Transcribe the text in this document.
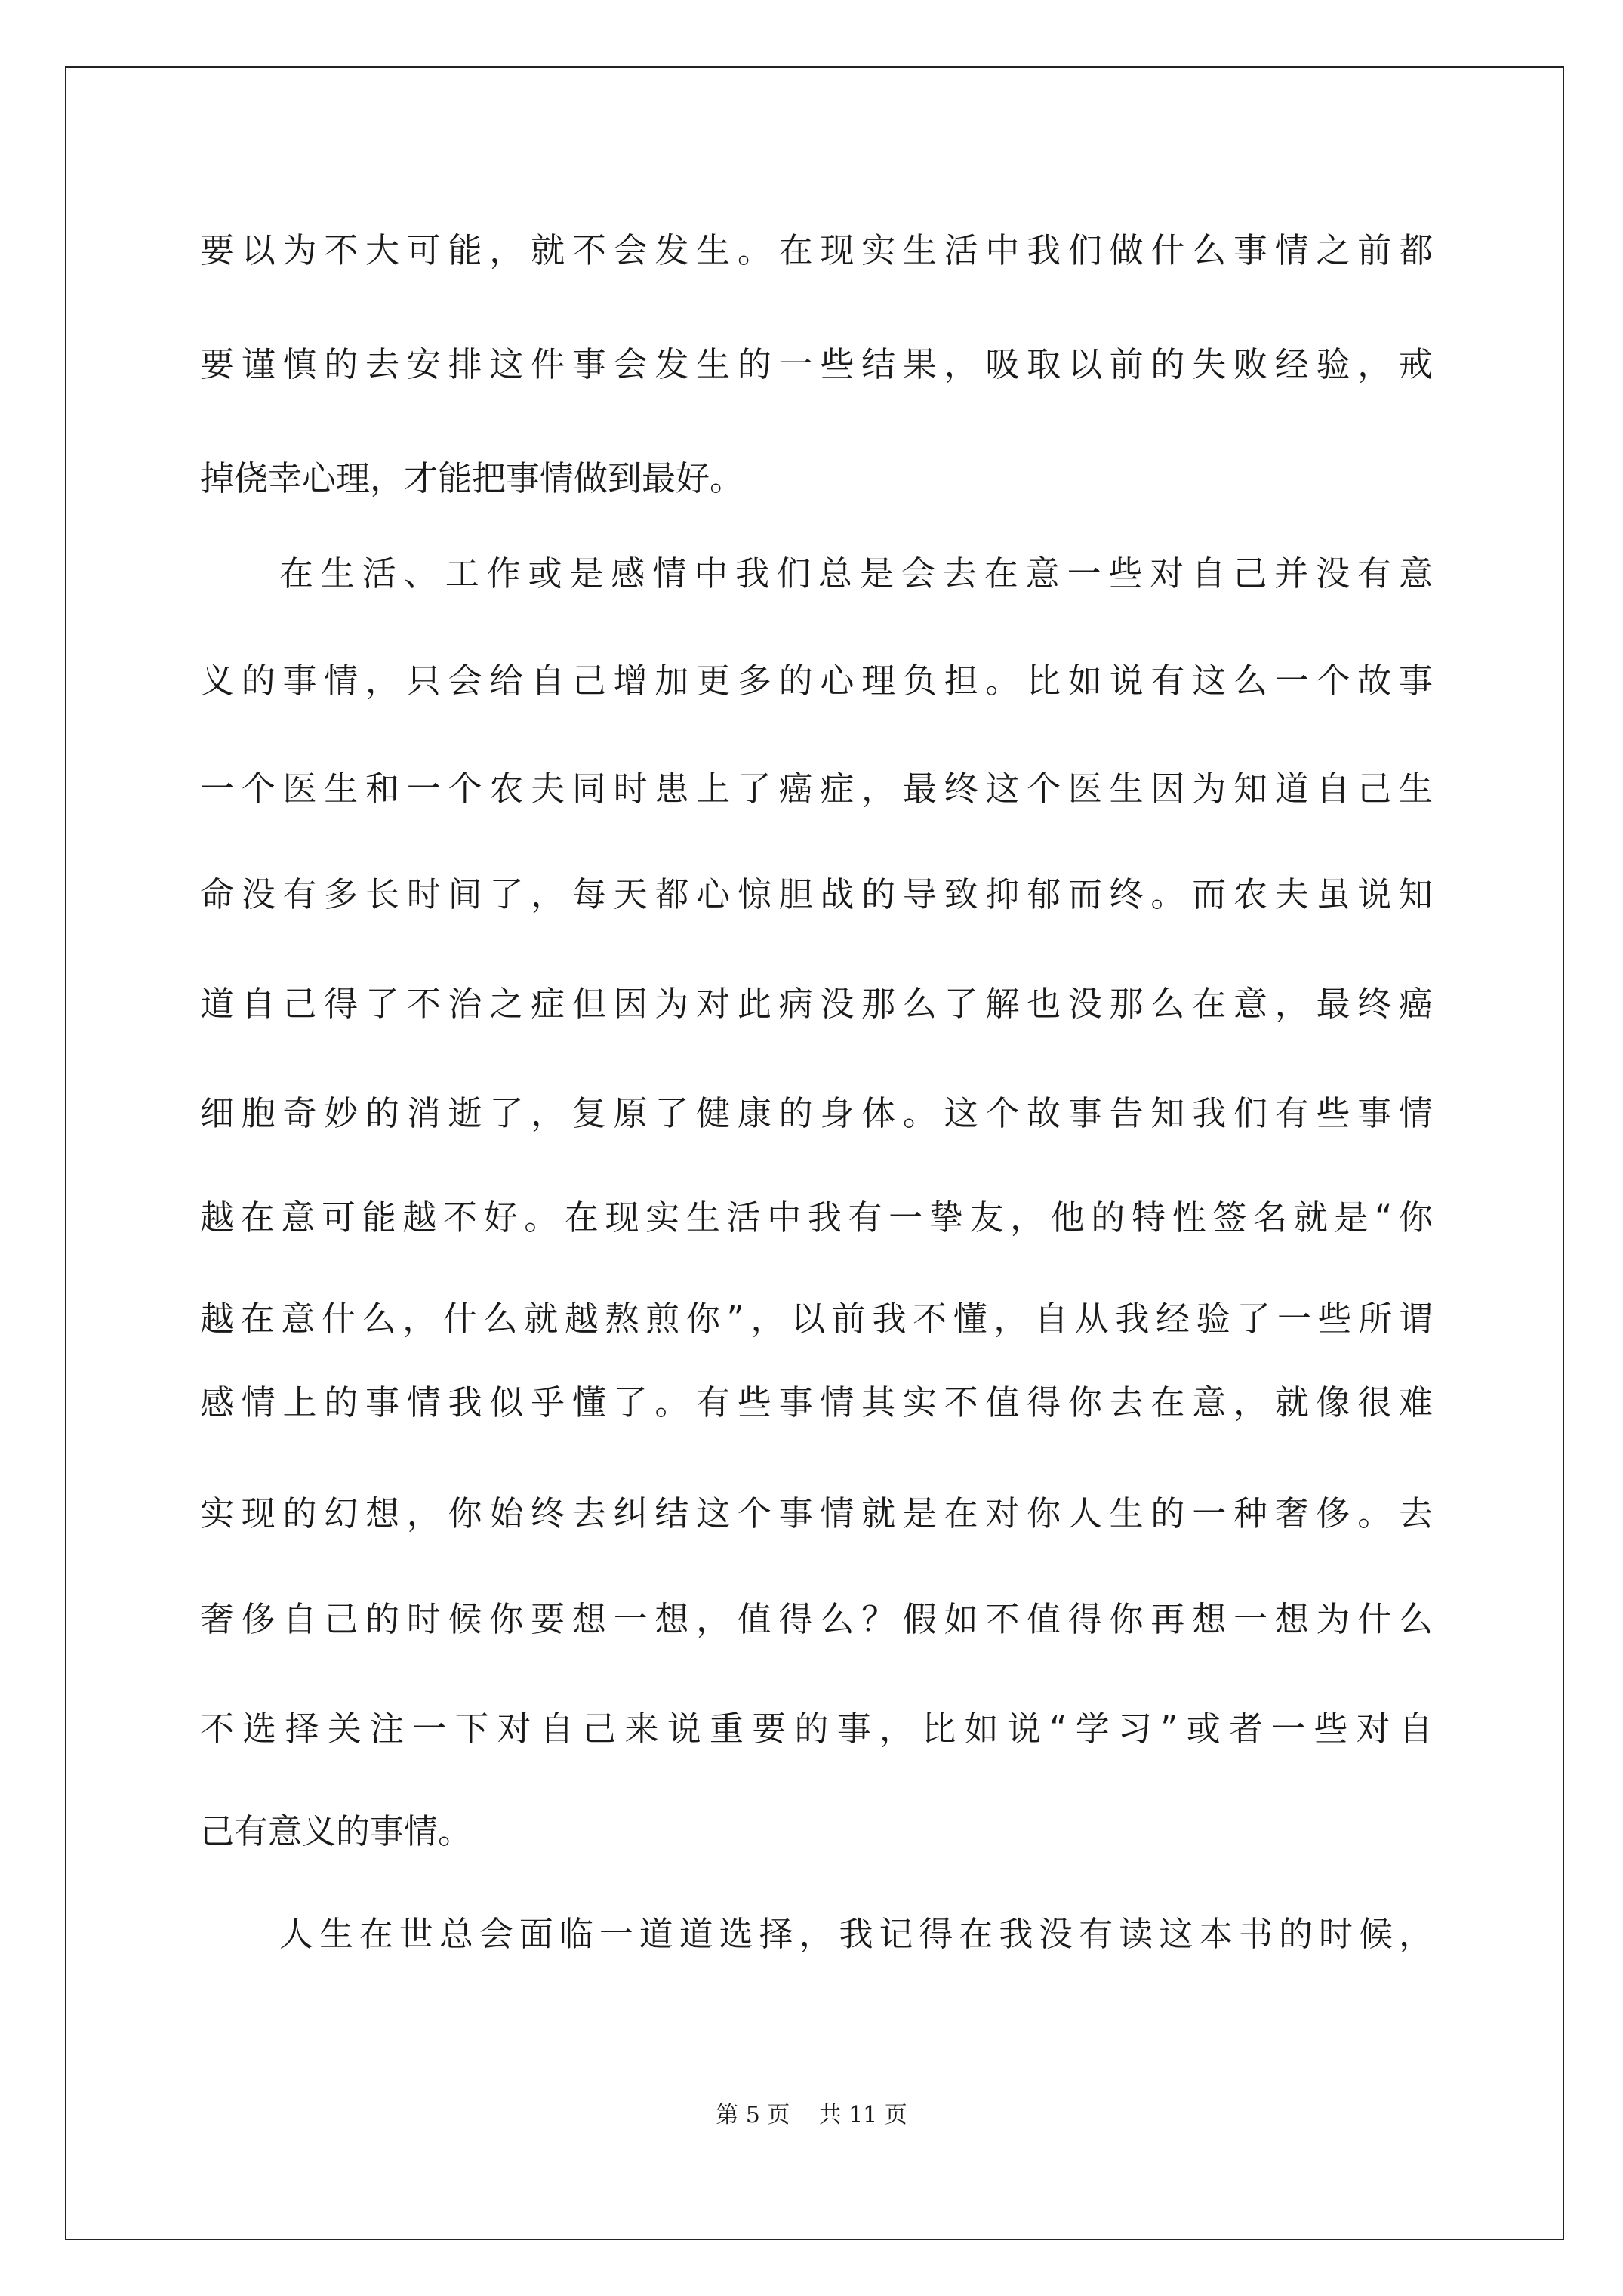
要以为不大可能，就不会发生。在现实生活中我们做什么事情之前都
要谨慎的去安排这件事会发生的一些结果，吸取以前的失败经验，戒
掉侥幸心理，才能把事情做到最好。
在生活、工作或是感情中我们总是会去在意一些对自己并没有意
义的事情，只会给自己增加更多的心理负担。比如说有这么一个故事
一个医生和一个农夫同时患上了癌症，最终这个医生因为知道自己生
命没有多长时间了，每天都心惊胆战的导致抑郁而终。而农夫虽说知
道自己得了不治之症但因为对此病没那么了解也没那么在意，最终癌
细胞奇妙的消逝了，复原了健康的身体。这个故事告知我们有些事情
越在意可能越不好。在现实生活中我有一挚友，他的特性签名就是“你
越在意什么，什么就越熬煎你”，以前我不懂，自从我经验了一些所谓
感情上的事情我似乎懂了。有些事情其实不值得你去在意，就像很难
实现的幻想，你始终去纠结这个事情就是在对你人生的一种奢侈。去
奢侈自己的时候你要想一想，值得么？假如不值得你再想一想为什么
不选择关注一下对自己来说重要的事，比如说“学习”或者一些对自
己有意义的事情。
人生在世总会面临一道道选择，我记得在我没有读这本书的时候，
第 5 页 共 11 页
